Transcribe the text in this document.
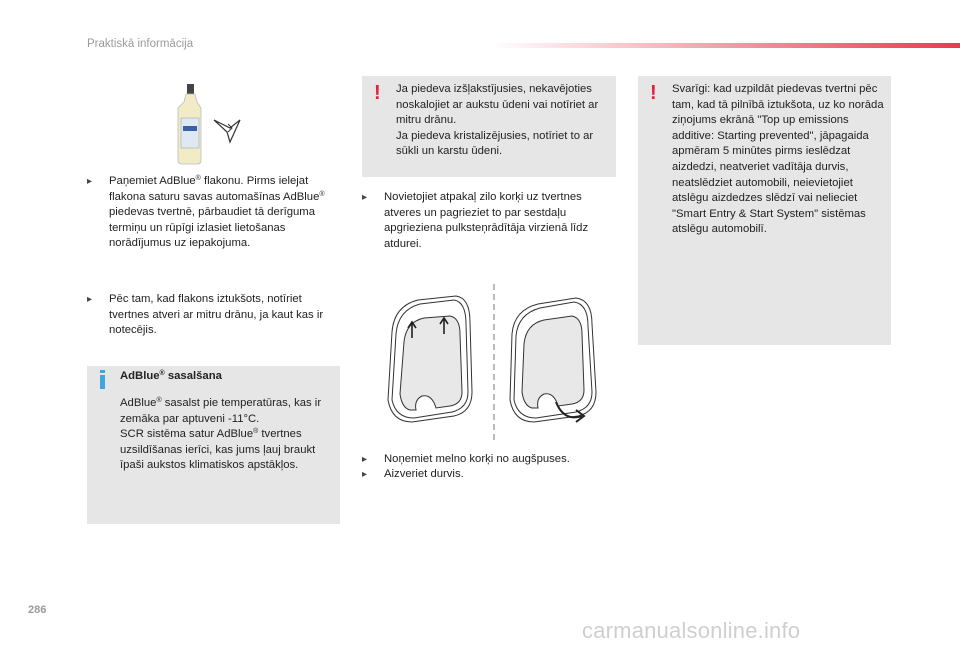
Praktiskā informācija
▸	Paņemiet AdBlue® flakonu. Pirms ielejat flakona saturu savas automašīnas AdBlue® piedevas tvertnē, pārbaudiet tā derīguma termiņu un rūpīgi izlasiet lietošanas norādījumus uz iepakojuma.
▸	Pēc tam, kad flakons iztukšots, notīriet tvertnes atveri ar mitru drānu, ja kaut kas ir notecējis.
AdBlue® sasalšana
AdBlue® sasalst pie temperatūras, kas ir zemāka par aptuveni -11°C.
SCR sistēma satur AdBlue® tvertnes uzsildīšanas ierīci, kas jums ļauj braukt īpaši aukstos klimatiskos apstākļos.
! Ja piedeva izšļakstījusies, nekavējoties noskalojiet ar aukstu ūdeni vai notīriet ar mitru drānu.
Ja piedeva kristalizējusies, notīriet to ar sūkli un karstu ūdeni.
▸	Novietojiet atpakaļ zilo korķi uz tvertnes atveres un pagrieziet to par sestdaļu apgrieziena pulksteņrādītāja virzienā līdz atdurei.
▸	Noņemiet melno korķi no augšpuses.
▸	Aizveriet durvis.
! Svarīgi: kad uzpildāt piedevas tvertni pēc tam, kad tā pilnībā iztukšota, uz ko norāda ziņojums ekrānā "Top up emissions additive: Starting prevented", jāpagaida apmēram 5 minūtes pirms ieslēdzat aizdedzi, neatveriet vadītāja durvis, neatslēdziet automobili, neievietojiet atslēgu aizdedzes slēdzī vai nelieciet "Smart Entry & Start System" sistēmas atslēgu automobilī.
286
carmanualsonline.info
